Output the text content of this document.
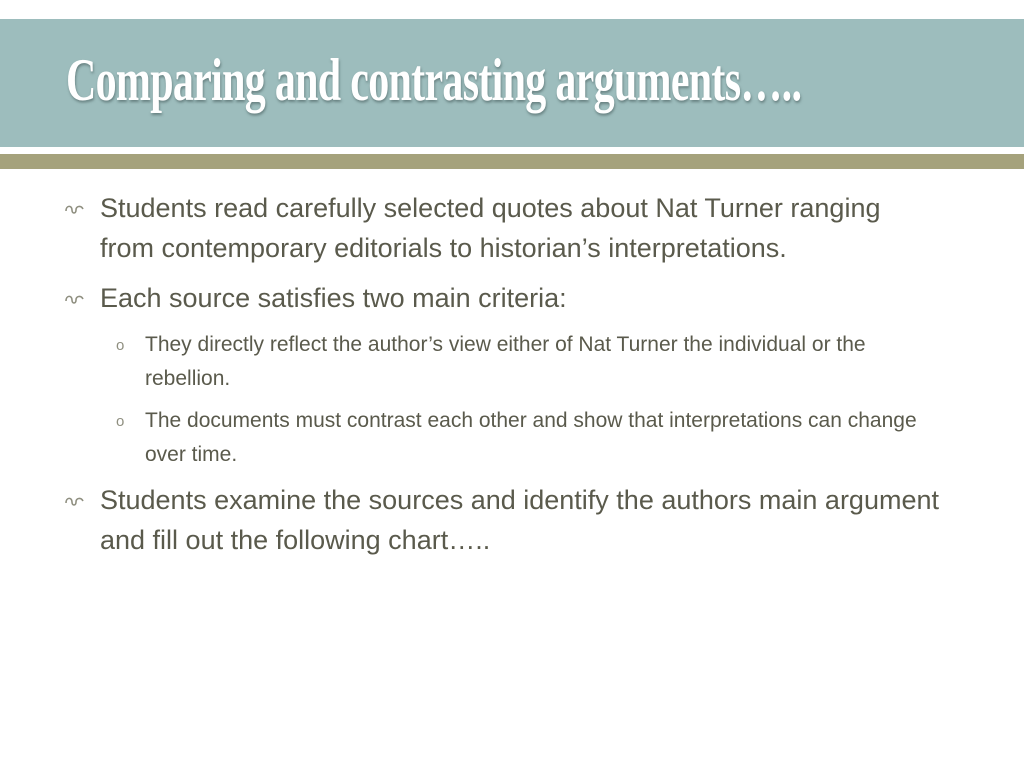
Comparing and contrasting arguments…..
Students read carefully selected quotes about Nat Turner ranging from contemporary editorials to historian’s interpretations.
Each source satisfies two main criteria:
o They directly reflect the author’s view either of Nat Turner the individual or the rebellion.
o The documents must contrast each other and show that interpretations can change over time.
Students examine the sources and identify the authors main argument and fill out the following chart…..
